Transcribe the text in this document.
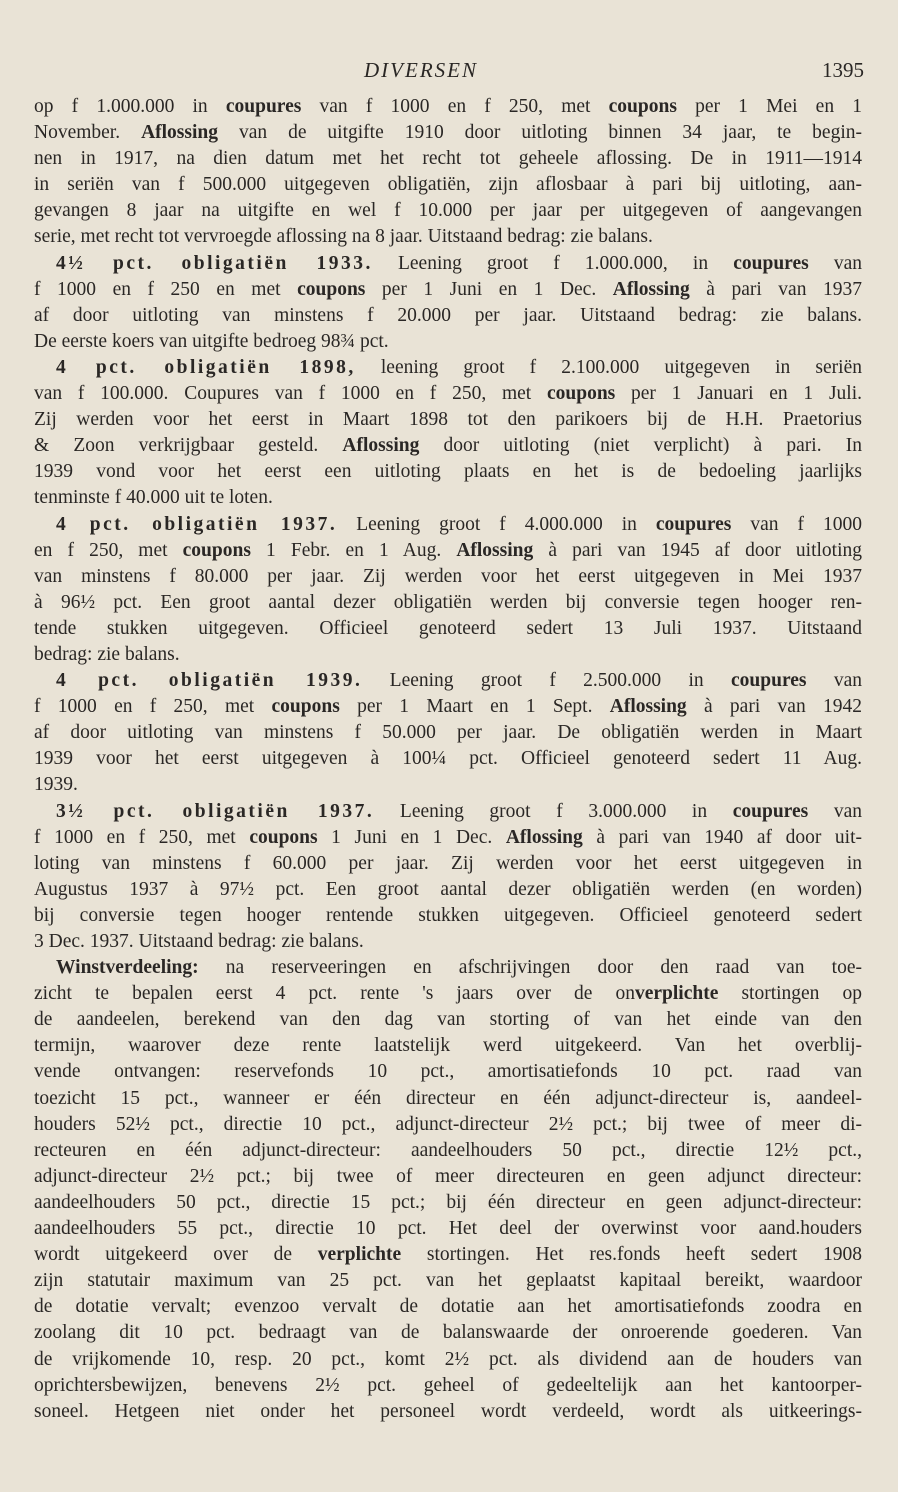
DIVERSEN	1395
op f 1.000.000 in coupures van f 1000 en f 250, met coupons per 1 Mei en 1
November. Aflossing van de uitgifte 1910 door uitloting binnen 34 jaar, te begin-
nen in 1917, na dien datum met het recht tot geheele aflossing. De in 1911—1914
in seriën van f 500.000 uitgegeven obligatiën, zijn aflosbaar à pari bij uitloting, aan-
gevangen 8 jaar na uitgifte en wel f 10.000 per jaar per uitgegeven of aangevangen
serie, met recht tot vervroegde aflossing na 8 jaar. Uitstaand bedrag: zie balans.
4½ pct. obligatiën 1933. Leening groot f 1.000.000, in coupures van
f 1000 en f 250 en met coupons per 1 Juni en 1 Dec. Aflossing à pari van 1937
af door uitloting van minstens f 20.000 per jaar. Uitstaand bedrag: zie balans.
De eerste koers van uitgifte bedroeg 98¾ pct.
4 pct. obligatiën 1898, leening groot f 2.100.000 uitgegeven in seriën
van f 100.000. Coupures van f 1000 en f 250, met coupons per 1 Januari en 1 Juli.
Zij werden voor het eerst in Maart 1898 tot den parikoers bij de H.H. Praetorius
& Zoon verkrijgbaar gesteld. Aflossing door uitloting (niet verplicht) à pari. In
1939 vond voor het eerst een uitloting plaats en het is de bedoeling jaarlijks
tenminste f 40.000 uit te loten.
4 pct. obligatiën 1937. Leening groot f 4.000.000 in coupures van f 1000
en f 250, met coupons 1 Febr. en 1 Aug. Aflossing à pari van 1945 af door uitloting
van minstens f 80.000 per jaar. Zij werden voor het eerst uitgegeven in Mei 1937
à 96½ pct. Een groot aantal dezer obligatiën werden bij conversie tegen hooger ren-
tende stukken uitgegeven. Officieel genoteerd sedert 13 Juli 1937. Uitstaand
bedrag: zie balans.
4 pct. obligatiën 1939. Leening groot f 2.500.000 in coupures van
f 1000 en f 250, met coupons per 1 Maart en 1 Sept. Aflossing à pari van 1942
af door uitloting van minstens f 50.000 per jaar. De obligatiën werden in Maart
1939 voor het eerst uitgegeven à 100¼ pct. Officieel genoteerd sedert 11 Aug.
1939.
3½ pct. obligatiën 1937. Leening groot f 3.000.000 in coupures van
f 1000 en f 250, met coupons 1 Juni en 1 Dec. Aflossing à pari van 1940 af door uit-
loting van minstens f 60.000 per jaar. Zij werden voor het eerst uitgegeven in
Augustus 1937 à 97½ pct. Een groot aantal dezer obligatiën werden (en worden)
bij conversie tegen hooger rentende stukken uitgegeven. Officieel genoteerd sedert
3 Dec. 1937. Uitstaand bedrag: zie balans.
Winstverdeeling: na reserveeringen en afschrijvingen door den raad van toe-
zicht te bepalen eerst 4 pct. rente 's jaars over de onverplichte stortingen op
de aandeelen, berekend van den dag van storting of van het einde van den
termijn, waarover deze rente laatstelijk werd uitgekeerd. Van het overblij-
vende ontvangen: reservefonds 10 pct., amortisatiefonds 10 pct. raad van
toezicht 15 pct., wanneer er één directeur en één adjunct-directeur is, aandeel-
houders 52½ pct., directie 10 pct., adjunct-directeur 2½ pct.; bij twee of meer di-
recteuren en één adjunct-directeur: aandeelhouders 50 pct., directie 12½ pct.,
adjunct-directeur 2½ pct.; bij twee of meer directeuren en geen adjunct directeur:
aandeelhouders 50 pct., directie 15 pct.; bij één directeur en geen adjunct-directeur:
aandeelhouders 55 pct., directie 10 pct. Het deel der overwinst voor aand.houders
wordt uitgekeerd over de verplichte stortingen. Het res.fonds heeft sedert 1908
zijn statutair maximum van 25 pct. van het geplaatst kapitaal bereikt, waardoor
de dotatie vervalt; evenzoo vervalt de dotatie aan het amortisatiefonds zoodra en
zoolang dit 10 pct. bedraagt van de balanswaarde der onroerende goederen. Van
de vrijkomende 10, resp. 20 pct., komt 2½ pct. als dividend aan de houders van
oprichtersbewijzen, benevens 2½ pct. geheel of gedeeltelijk aan het kantoorper-
soneel. Hetgeen niet onder het personeel wordt verdeeld, wordt als uitkeerings-
